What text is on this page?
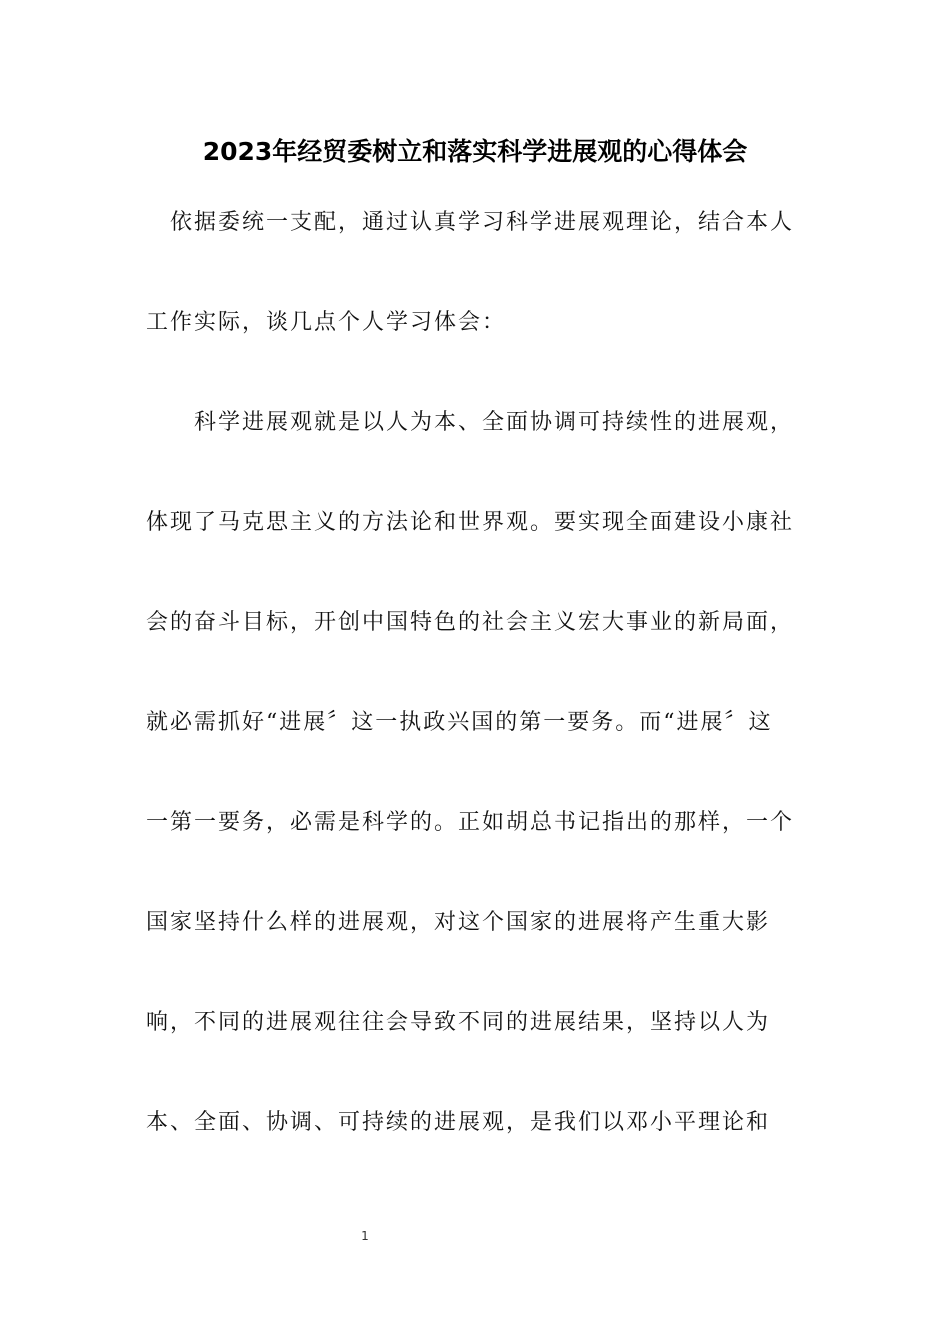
2023年经贸委树立和落实科学进展观的心得体会
　依据委统一支配，通过认真学习科学进展观理论，结合本人
工作实际，谈几点个人学习体会：
　　科学进展观就是以人为本、全面协调可持续性的进展观，
体现了马克思主义的方法论和世界观。要实现全面建设小康社
会的奋斗目标，开创中国特色的社会主义宏大事业的新局面，
就必需抓好“进展〞这一执政兴国的第一要务。而“进展〞这
一第一要务，必需是科学的。正如胡总书记指出的那样，一个
国家坚持什么样的进展观，对这个国家的进展将产生重大影
响，不同的进展观往往会导致不同的进展结果，坚持以人为
本、全面、协调、可持续的进展观，是我们以邓小平理论和
1
